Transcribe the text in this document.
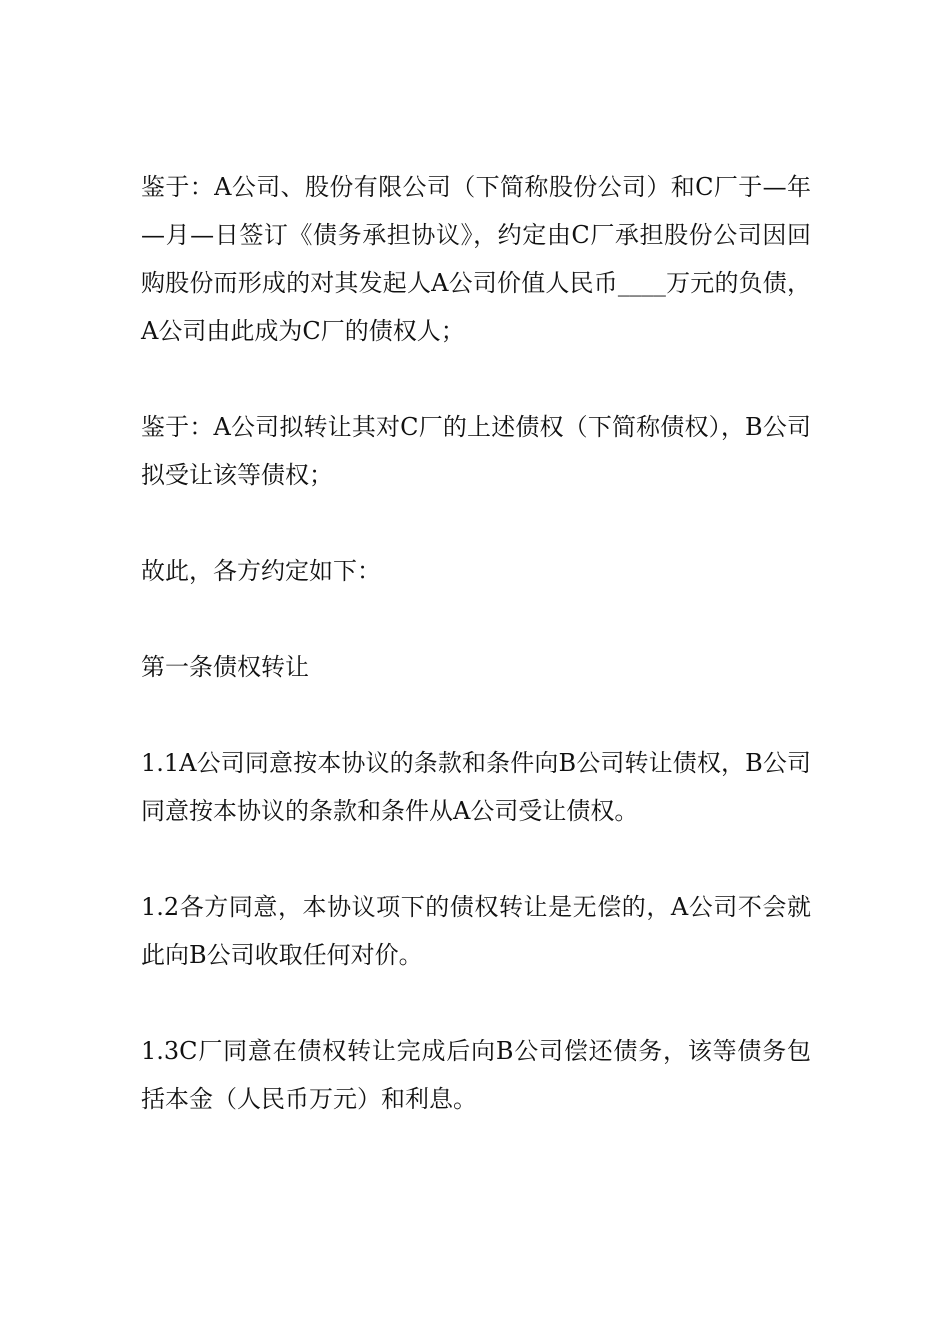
鉴于：A公司、股份有限公司（下简称股份公司）和C厂于—年—月—日签订《债务承担协议》，约定由C厂承担股份公司因回购股份而形成的对其发起人A公司价值人民币____万元的负债，A公司由此成为C厂的债权人；

鉴于：A公司拟转让其对C厂的上述债权（下简称债权），B公司拟受让该等债权；

故此，各方约定如下：

第一条债权转让

1.1A公司同意按本协议的条款和条件向B公司转让债权，B公司同意按本协议的条款和条件从A公司受让债权。

1.2各方同意，本协议项下的债权转让是无偿的，A公司不会就此向B公司收取任何对价。

1.3C厂同意在债权转让完成后向B公司偿还债务，该等债务包括本金（人民币万元）和利息。
